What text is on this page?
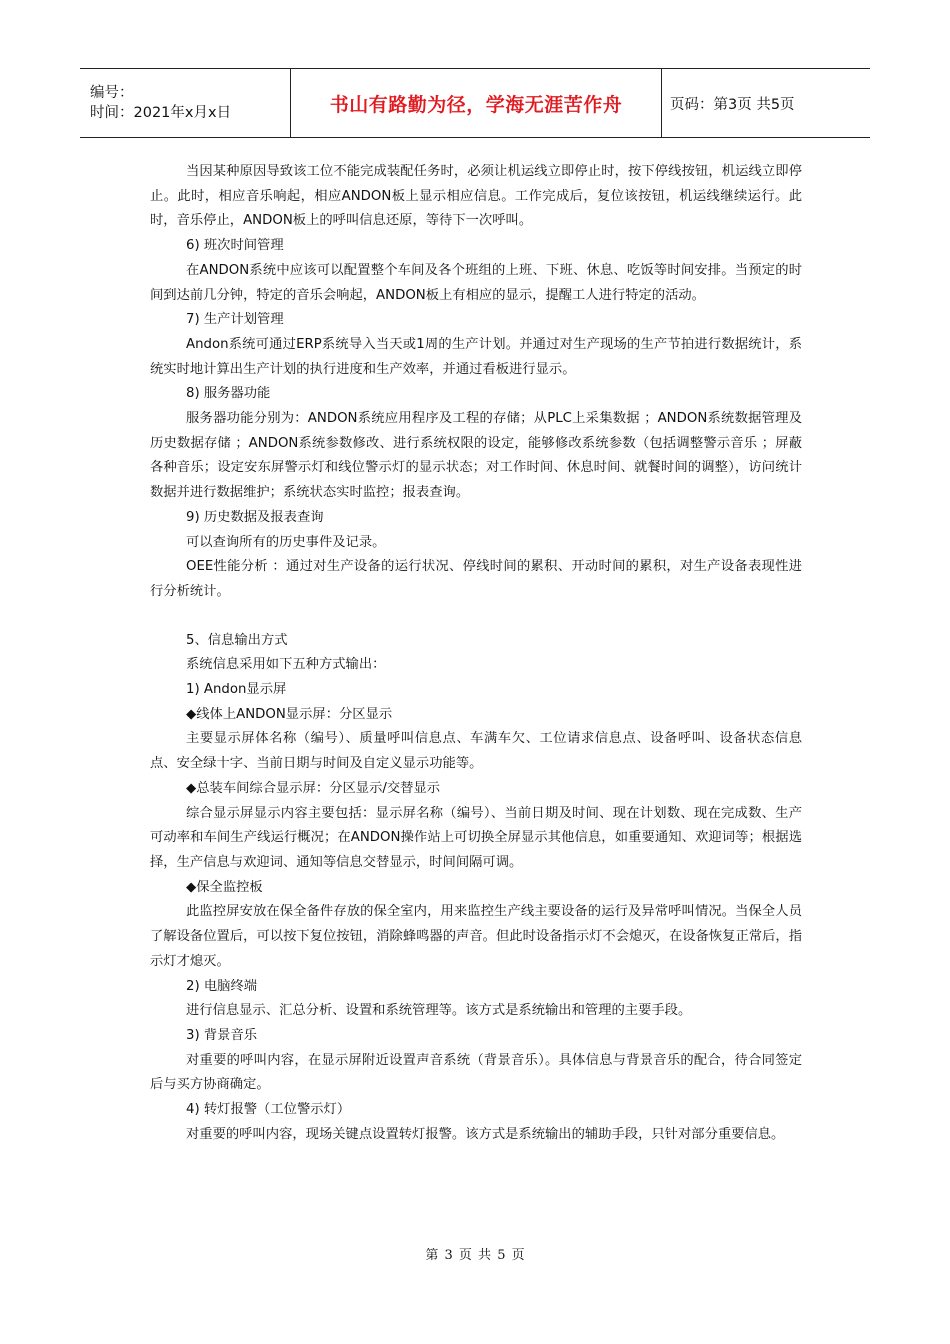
编号：
时间：2021年x月x日	书山有路勤为径，学海无涯苦作舟	页码：第3页 共5页

当因某种原因导致该工位不能完成装配任务时，必须让机运线立即停止时，按下停线按钮，机运线立即停止。此时，相应音乐响起，相应ANDON板上显示相应信息。工作完成后，复位该按钮，机运线继续运行。此时，音乐停止，ANDON板上的呼叫信息还原，等待下一次呼叫。

6) 班次时间管理

在ANDON系统中应该可以配置整个车间及各个班组的上班、下班、休息、吃饭等时间安排。当预定的时间到达前几分钟，特定的音乐会响起，ANDON板上有相应的显示，提醒工人进行特定的活动。

7) 生产计划管理

Andon系统可通过ERP系统导入当天或1周的生产计划。并通过对生产现场的生产节拍进行数据统计，系统实时地计算出生产计划的执行进度和生产效率，并通过看板进行显示。

8) 服务器功能

服务器功能分别为：ANDON系统应用程序及工程的存储；从PLC上采集数据 ；ANDON系统数据管理及历史数据存储 ；ANDON系统参数修改、进行系统权限的设定，能够修改系统参数（包括调整警示音乐 ；屏蔽各种音乐；设定安东屏警示灯和线位警示灯的显示状态；对工作时间、休息时间、就餐时间的调整），访问统计数据并进行数据维护；系统状态实时监控；报表查询。

9) 历史数据及报表查询

可以查询所有的历史事件及记录。

OEE性能分析 ：通过对生产设备的运行状况、停线时间的累积、开动时间的累积，对生产设备表现性进行分析统计。

5、信息输出方式

系统信息采用如下五种方式输出：

1) Andon显示屏

◆线体上ANDON显示屏：分区显示

主要显示屏体名称（编号）、质量呼叫信息点、车满车欠、工位请求信息点、设备呼叫、设备状态信息点、安全绿十字、当前日期与时间及自定义显示功能等。

◆总装车间综合显示屏：分区显示/交替显示

综合显示屏显示内容主要包括：显示屏名称（编号）、当前日期及时间、现在计划数、现在完成数、生产可动率和车间生产线运行概况；在ANDON操作站上可切换全屏显示其他信息，如重要通知、欢迎词等；根据选择，生产信息与欢迎词、通知等信息交替显示，时间间隔可调。

◆保全监控板

此监控屏安放在保全备件存放的保全室内，用来监控生产线主要设备的运行及异常呼叫情况。当保全人员了解设备位置后，可以按下复位按钮，消除蜂鸣器的声音。但此时设备指示灯不会熄灭，在设备恢复正常后，指示灯才熄灭。

2) 电脑终端

进行信息显示、汇总分析、设置和系统管理等。该方式是系统输出和管理的主要手段。

3) 背景音乐

对重要的呼叫内容，在显示屏附近设置声音系统（背景音乐）。具体信息与背景音乐的配合，待合同签定后与买方协商确定。

4) 转灯报警（工位警示灯）

对重要的呼叫内容，现场关键点设置转灯报警。该方式是系统输出的辅助手段，只针对部分重要信息。

第 3 页 共 5 页
